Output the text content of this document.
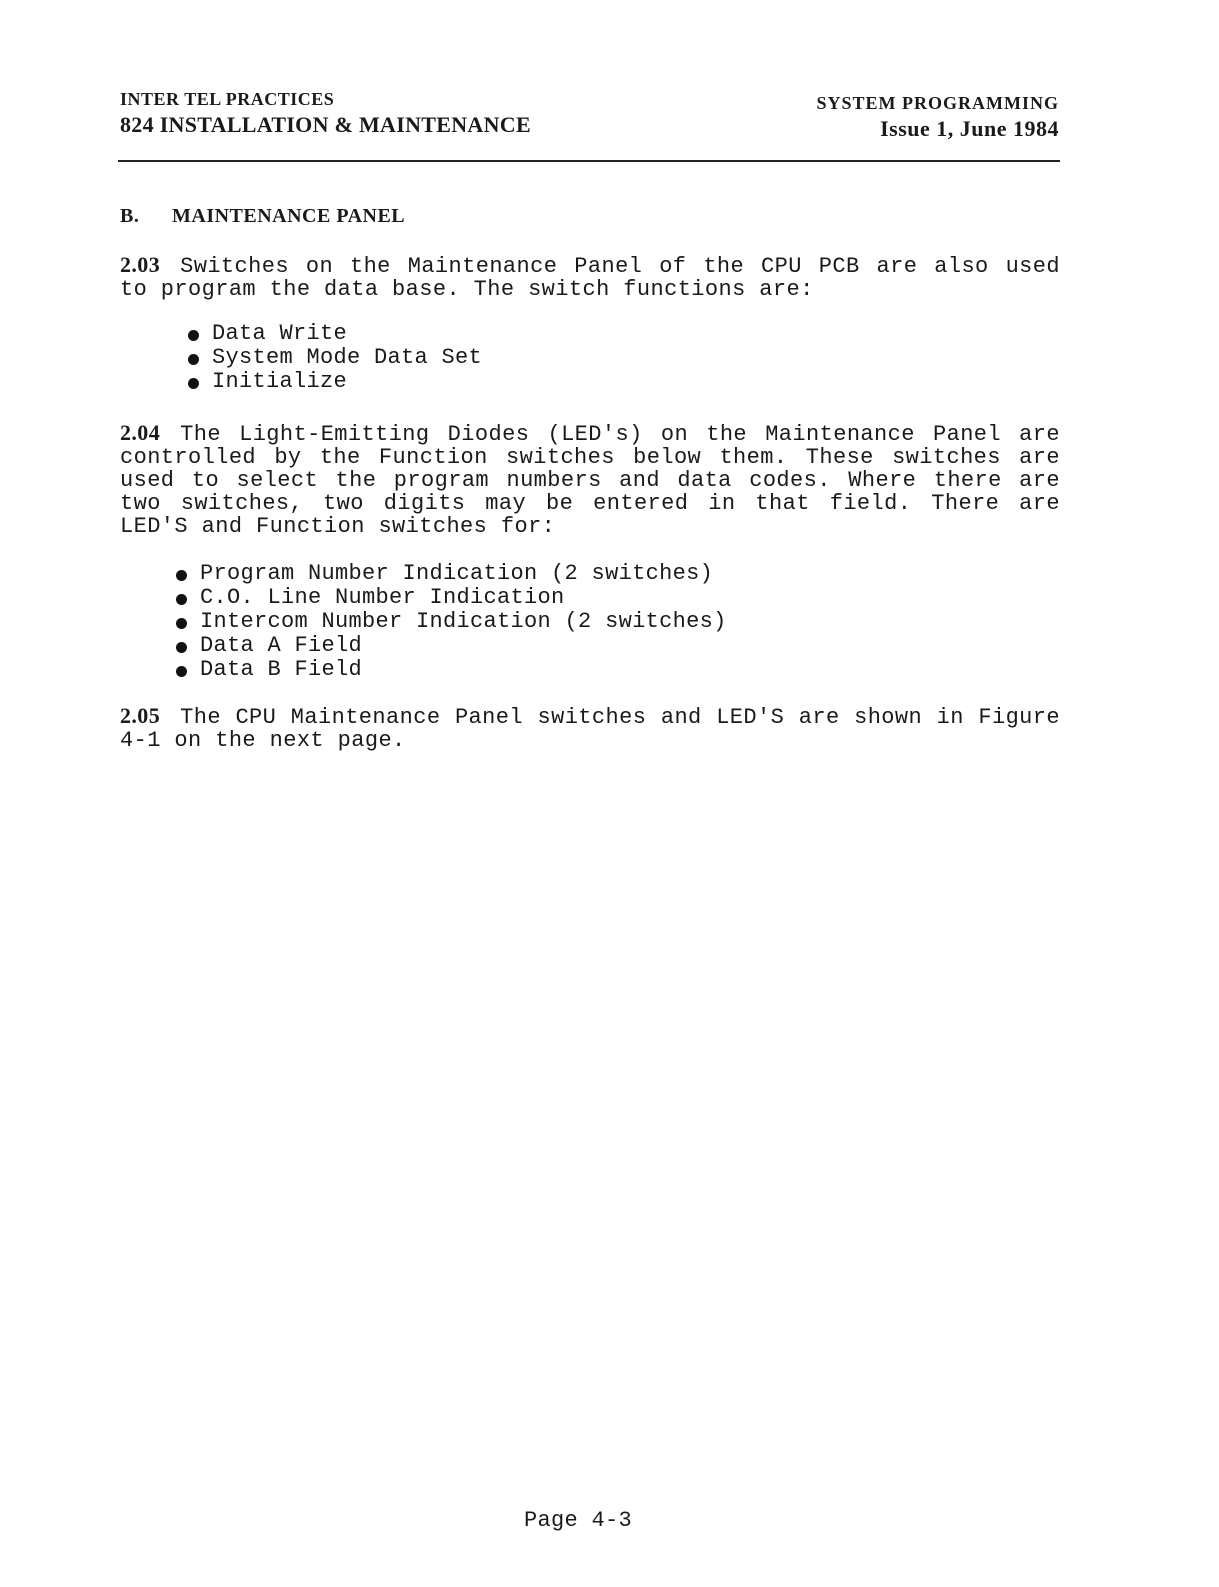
INTER TEL PRACTICES
824 INSTALLATION & MAINTENANCE
SYSTEM PROGRAMMING
Issue 1, June 1984
B. MAINTENANCE PANEL
2.03 Switches on the Maintenance Panel of the CPU PCB are also used to program the data base. The switch functions are:
Data Write
System Mode Data Set
Initialize
2.04 The Light-Emitting Diodes (LED's) on the Maintenance Panel are controlled by the Function switches below them. These switches are used to select the program numbers and data codes. Where there are two switches, two digits may be entered in that field. There are LED'S and Function switches for:
Program Number Indication (2 switches)
C.O. Line Number Indication
Intercom Number Indication (2 switches)
Data A Field
Data B Field
2.05 The CPU Maintenance Panel switches and LED'S are shown in Figure 4-1 on the next page.
Page 4-3
